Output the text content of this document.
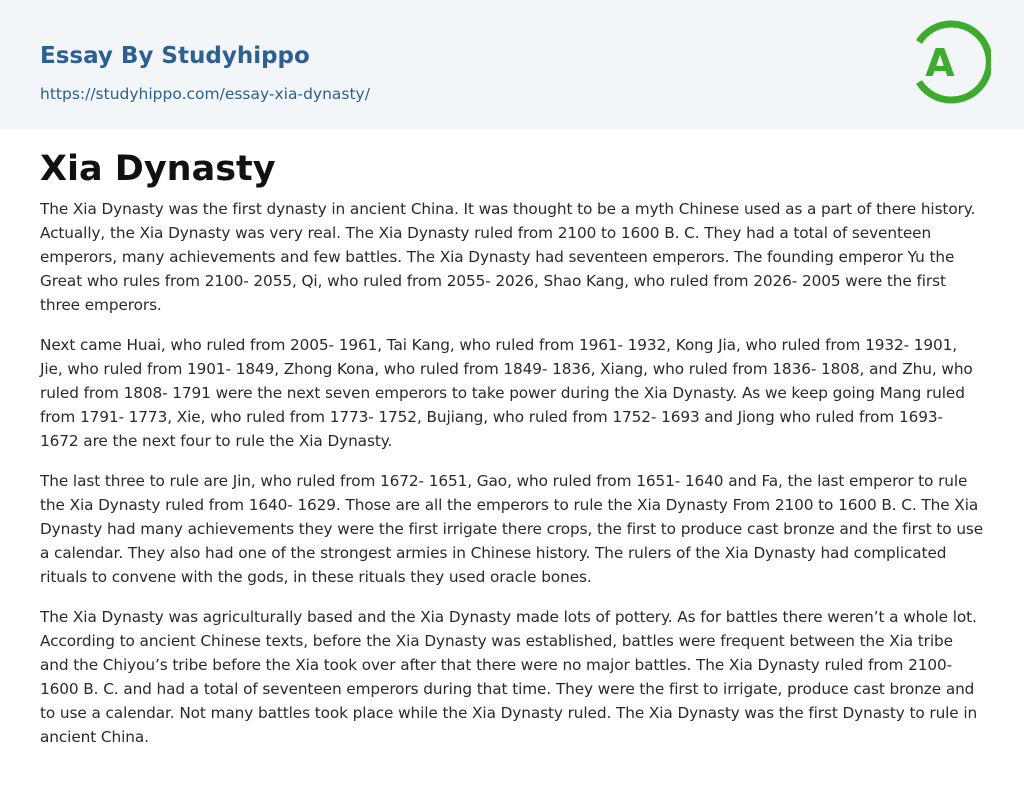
Essay By Studyhippo
https://studyhippo.com/essay-xia-dynasty/
A
Xia Dynasty

The Xia Dynasty was the first dynasty in ancient China. It was thought to be a myth Chinese used as a part of there history. Actually, the Xia Dynasty was very real. The Xia Dynasty ruled from 2100 to 1600 B. C. They had a total of seventeen emperors, many achievements and few battles. The Xia Dynasty had seventeen emperors. The founding emperor Yu the Great who rules from 2100- 2055, Qi, who ruled from 2055- 2026, Shao Kang, who ruled from 2026- 2005 were the first three emperors.

Next came Huai, who ruled from 2005- 1961, Tai Kang, who ruled from 1961- 1932, Kong Jia, who ruled from 1932- 1901, Jie, who ruled from 1901- 1849, Zhong Kona, who ruled from 1849- 1836, Xiang, who ruled from 1836- 1808, and Zhu, who ruled from 1808- 1791 were the next seven emperors to take power during the Xia Dynasty. As we keep going Mang ruled from 1791- 1773, Xie, who ruled from 1773- 1752, Bujiang, who ruled from 1752- 1693 and Jiong who ruled from 1693- 1672 are the next four to rule the Xia Dynasty.

The last three to rule are Jin, who ruled from 1672- 1651, Gao, who ruled from 1651- 1640 and Fa, the last emperor to rule the Xia Dynasty ruled from 1640- 1629. Those are all the emperors to rule the Xia Dynasty From 2100 to 1600 B. C. The Xia Dynasty had many achievements they were the first irrigate there crops, the first to produce cast bronze and the first to use a calendar. They also had one of the strongest armies in Chinese history. The rulers of the Xia Dynasty had complicated rituals to convene with the gods, in these rituals they used oracle bones.

The Xia Dynasty was agriculturally based and the Xia Dynasty made lots of pottery. As for battles there weren’t a whole lot. According to ancient Chinese texts, before the Xia Dynasty was established, battles were frequent between the Xia tribe and the Chiyou’s tribe before the Xia took over after that there were no major battles. The Xia Dynasty ruled from 2100- 1600 B. C. and had a total of seventeen emperors during that time. They were the first to irrigate, produce cast bronze and to use a calendar. Not many battles took place while the Xia Dynasty ruled. The Xia Dynasty was the first Dynasty to rule in ancient China.
